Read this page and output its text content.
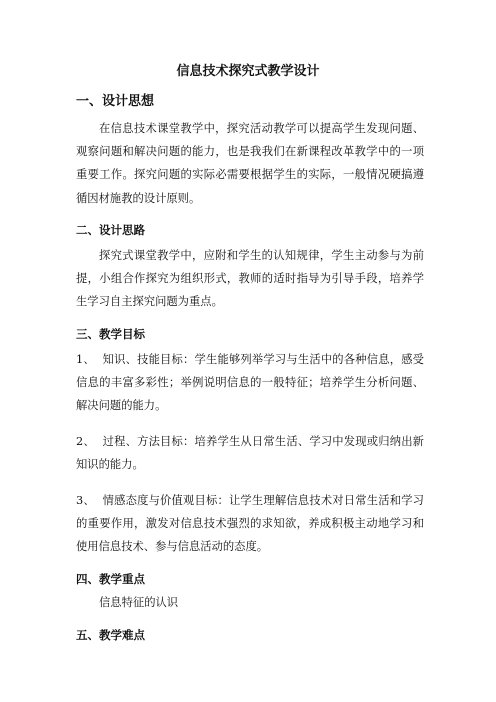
信息技术探究式教学设计
一、设计思想

在信息技术课堂教学中，探究活动教学可以提高学生发现问题、观察问题和解决问题的能力，也是我我们在新课程改革教学中的一项重要工作。探究问题的实际必需要根据学生的实际，一般情况硬搞遵循因材施教的设计原则。

二、设计思路

探究式课堂教学中，应附和学生的认知规律，学生主动参与为前提，小组合作探究为组织形式，教师的适时指导为引导手段，培养学生学习自主探究问题为重点。

三、教学目标

1、 知识、技能目标：学生能够列举学习与生活中的各种信息，感受信息的丰富多彩性；举例说明信息的一般特征；培养学生分析问题、解决问题的能力。

2、 过程、方法目标：培养学生从日常生活、学习中发现或归纳出新知识的能力。

3、 情感态度与价值观目标：让学生理解信息技术对日常生活和学习的重要作用，激发对信息技术强烈的求知欲，养成积极主动地学习和使用信息技术、参与信息活动的态度。

四、教学重点
信息特征的认识
五、教学难点
